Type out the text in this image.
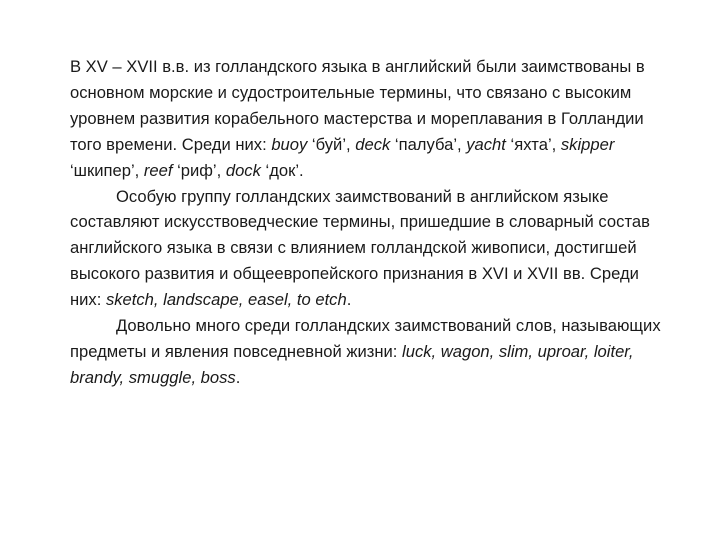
В XV – XVII в.в. из голландского языка в английский были заимствованы в основном морские и судостроительные термины, что связано с высоким уровнем развития корабельного мастерства и мореплавания в Голландии того времени. Среди них: buoy ‘буй’, deck ‘палуба’, yacht ‘яхта’, skipper ‘шкипер’, reef ‘риф’, dock ‘док’.

Особую группу голландских заимствований в английском языке составляют искусствоведческие термины, пришедшие в словарный состав английского языка в связи с влиянием голландской живописи, достигшей высокого развития и общеевропейского признания в XVI и XVII вв. Среди них: sketch, landscape, easel, to etch.

Довольно много среди голландских заимствований слов, называющих предметы и явления повседневной жизни: luck, wagon, slim, uproar, loiter, brandy, smuggle, boss.
